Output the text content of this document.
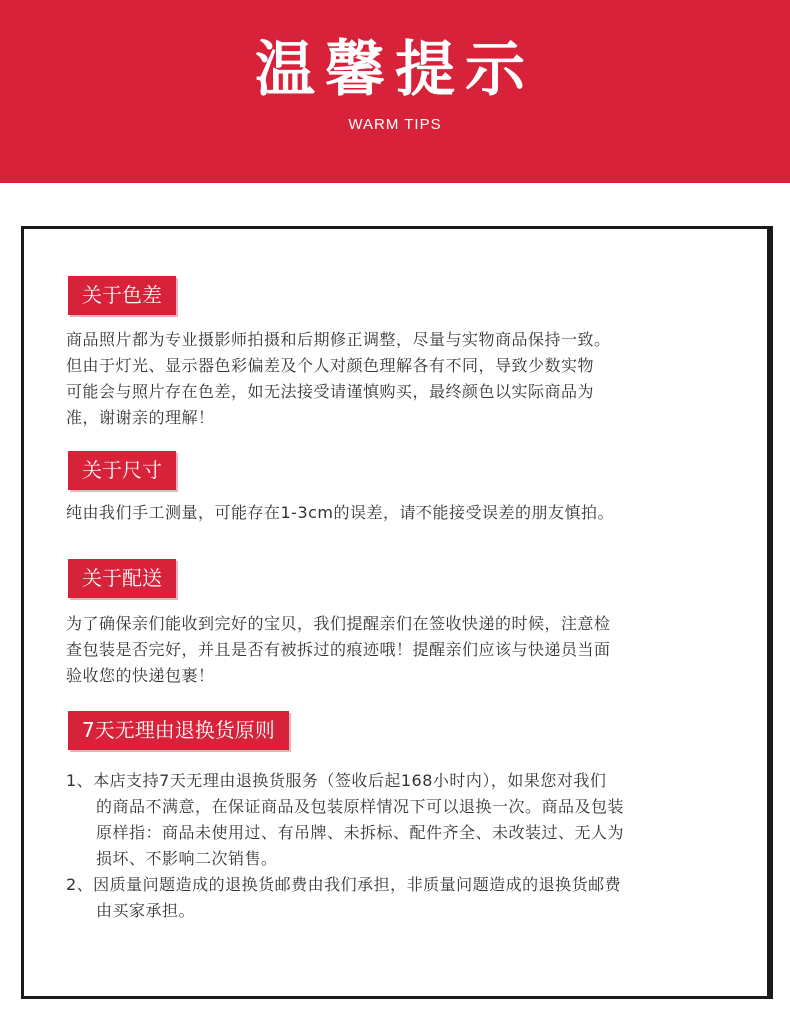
温馨提示
WARM TIPS
关于色差
商品照片都为专业摄影师拍摄和后期修正调整，尽量与实物商品保持一致。
但由于灯光、显示器色彩偏差及个人对颜色理解各有不同，导致少数实物
可能会与照片存在色差，如无法接受请谨慎购买，最终颜色以实际商品为
准，谢谢亲的理解！
关于尺寸
纯由我们手工测量，可能存在1-3cm的误差，请不能接受误差的朋友慎拍。
关于配送
为了确保亲们能收到完好的宝贝，我们提醒亲们在签收快递的时候，注意检
查包装是否完好，并且是否有被拆过的痕迹哦！提醒亲们应该与快递员当面
验收您的快递包裹！
7天无理由退换货原则
1、本店支持7天无理由退换货服务（签收后起168小时内），如果您对我们
的商品不满意，在保证商品及包装原样情况下可以退换一次。商品及包装
原样指：商品未使用过、有吊牌、未拆标、配件齐全、未改装过、无人为
损坏、不影响二次销售。
2、因质量问题造成的退换货邮费由我们承担，非质量问题造成的退换货邮费
由买家承担。
